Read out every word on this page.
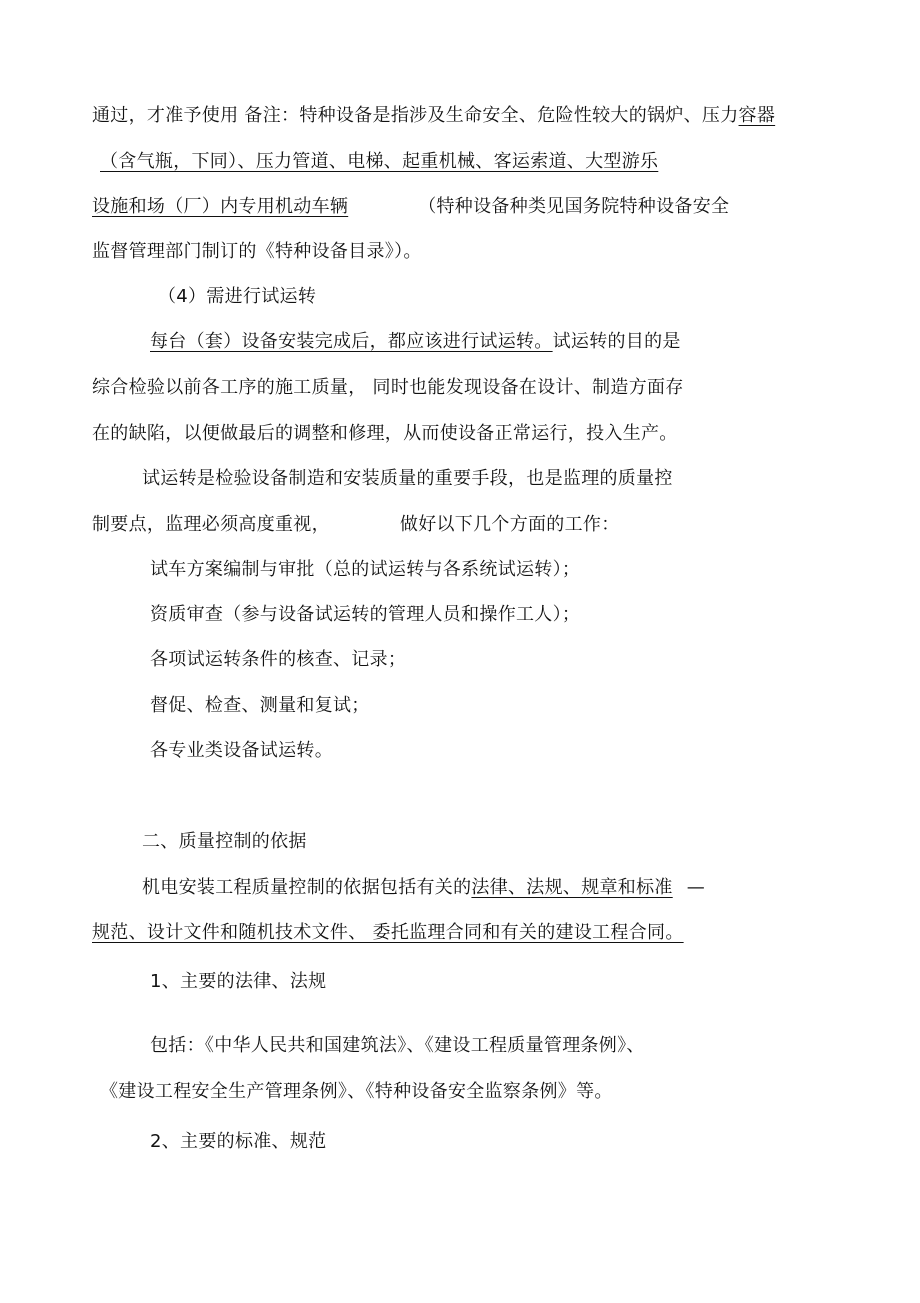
通过，才准予使用 备注：特种设备是指涉及生命安全、危险性较大的锅炉、压力容器
（含气瓶，下同）、压力管道、电梯、起重机械、客运索道、大型游乐
设施和场（厂）内专用机动车辆	（特种设备种类见国务院特种设备安全
监督管理部门制订的《特种设备目录》）。
（4）需进行试运转
每台（套）设备安装完成后，都应该进行试运转。试运转的目的是
综合检验以前各工序的施工质量， 同时也能发现设备在设计、制造方面存
在的缺陷，以便做最后的调整和修理，从而使设备正常运行，投入生产。
试运转是检验设备制造和安装质量的重要手段，也是监理的质量控
制要点，监理必须高度重视，	做好以下几个方面的工作：
试车方案编制与审批（总的试运转与各系统试运转）；
资质审查（参与设备试运转的管理人员和操作工人）；
各项试运转条件的核查、记录；
督促、检查、测量和复试；
各专业类设备试运转。
二、质量控制的依据
机电安装工程质量控制的依据包括有关的法律、法规、规章和标准 —
规范、设计文件和随机技术文件、 委托监理合同和有关的建设工程合同。
1、主要的法律、法规
包括：《中华人民共和国建筑法》、《建设工程质量管理条例》、
《建设工程安全生产管理条例》、《特种设备安全监察条例》等。
2、主要的标准、规范
